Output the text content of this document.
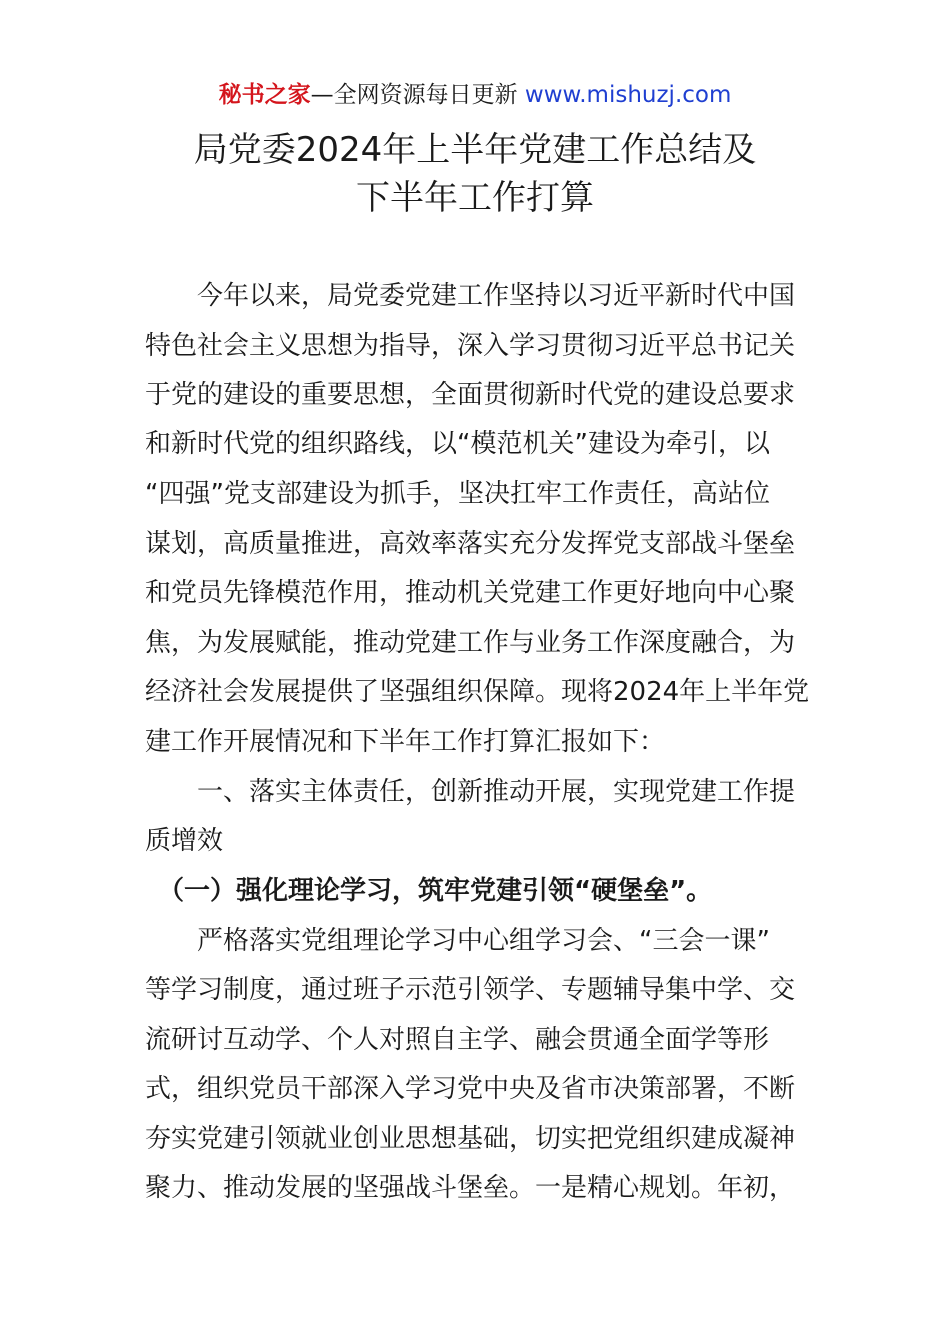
秘书之家—全网资源每日更新 www.mishuzj.com
局党委2024年上半年党建工作总结及
下半年工作打算
　　今年以来，局党委党建工作坚持以习近平新时代中国
特色社会主义思想为指导，深入学习贯彻习近平总书记关
于党的建设的重要思想，全面贯彻新时代党的建设总要求
和新时代党的组织路线，以“模范机关”建设为牵引，以
“四强”党支部建设为抓手，坚决扛牢工作责任，高站位
谋划，高质量推进，高效率落实充分发挥党支部战斗堡垒
和党员先锋模范作用，推动机关党建工作更好地向中心聚
焦，为发展赋能，推动党建工作与业务工作深度融合，为
经济社会发展提供了坚强组织保障。现将2024年上半年党
建工作开展情况和下半年工作打算汇报如下：
　　一、落实主体责任，创新推动开展，实现党建工作提
质增效
　（一）强化理论学习，筑牢党建引领“硬堡垒”。
　　严格落实党组理论学习中心组学习会、“三会一课”
等学习制度，通过班子示范引领学、专题辅导集中学、交
流研讨互动学、个人对照自主学、融会贯通全面学等形
式，组织党员干部深入学习党中央及省市决策部署，不断
夯实党建引领就业创业思想基础，切实把党组织建成凝神
聚力、推动发展的坚强战斗堡垒。一是精心规划。年初，
